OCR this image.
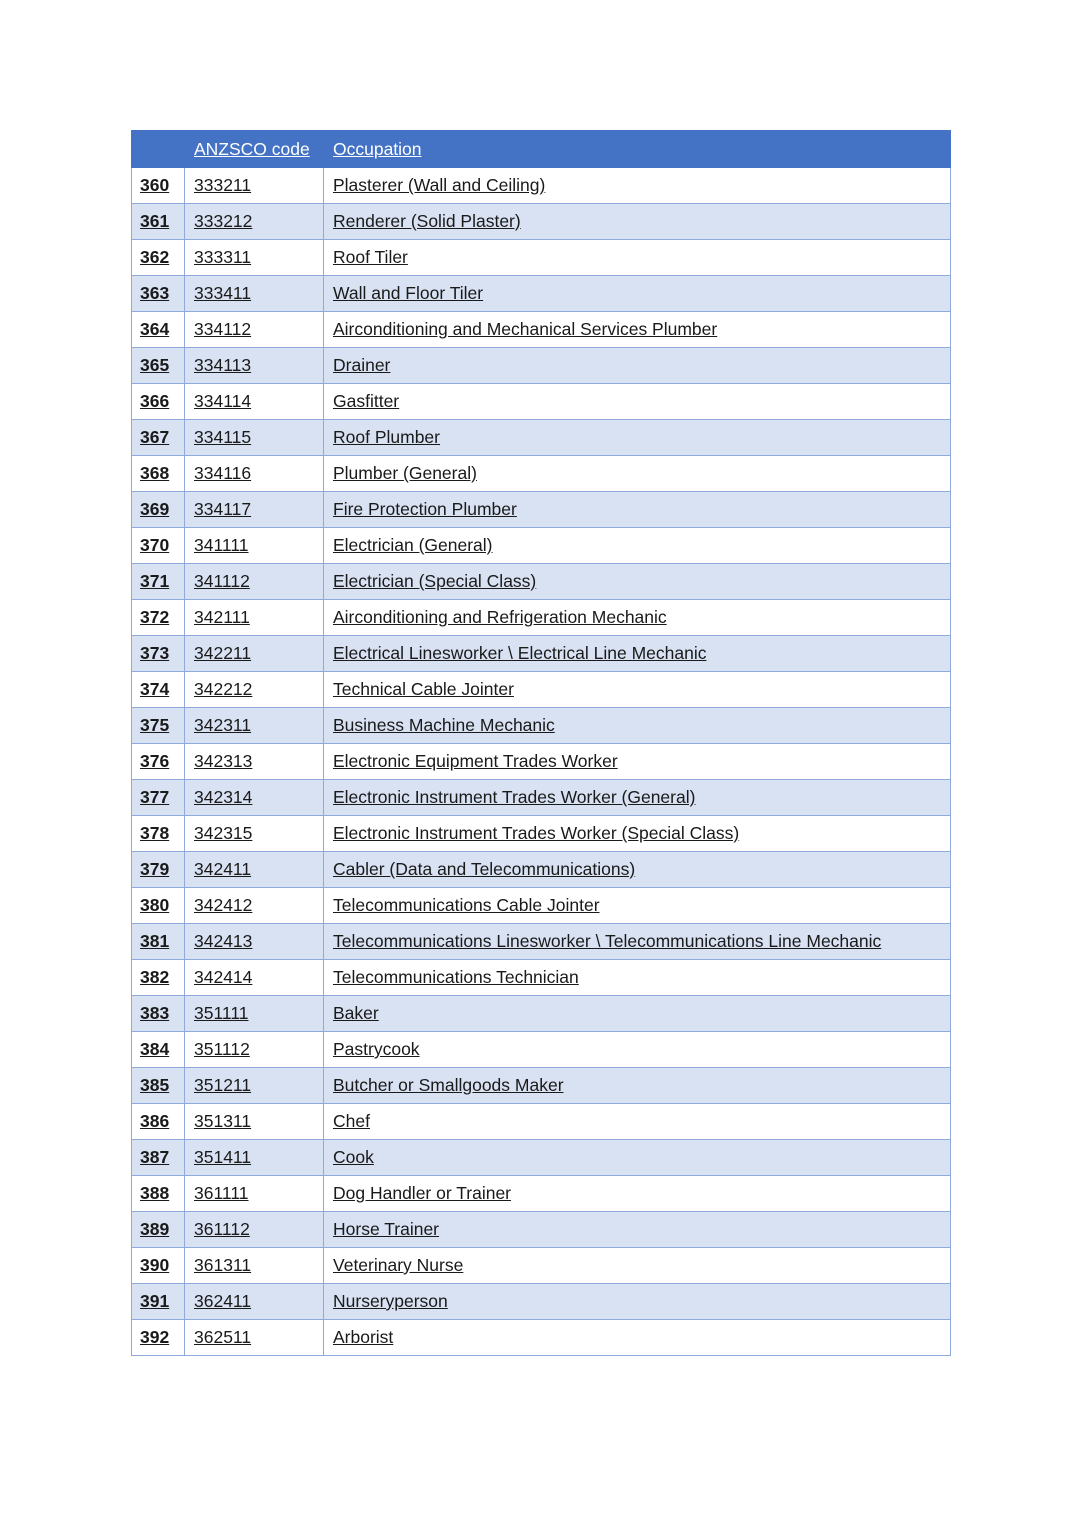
	ANZSCO code	Occupation
360	333211	Plasterer (Wall and Ceiling)
361	333212	Renderer (Solid Plaster)
362	333311	Roof Tiler
363	333411	Wall and Floor Tiler
364	334112	Airconditioning and Mechanical Services Plumber
365	334113	Drainer
366	334114	Gasfitter
367	334115	Roof Plumber
368	334116	Plumber (General)
369	334117	Fire Protection Plumber
370	341111	Electrician (General)
371	341112	Electrician (Special Class)
372	342111	Airconditioning and Refrigeration Mechanic
373	342211	Electrical Linesworker \ Electrical Line Mechanic
374	342212	Technical Cable Jointer
375	342311	Business Machine Mechanic
376	342313	Electronic Equipment Trades Worker
377	342314	Electronic Instrument Trades Worker (General)
378	342315	Electronic Instrument Trades Worker (Special Class)
379	342411	Cabler (Data and Telecommunications)
380	342412	Telecommunications Cable Jointer
381	342413	Telecommunications Linesworker \ Telecommunications Line Mechanic
382	342414	Telecommunications Technician
383	351111	Baker
384	351112	Pastrycook
385	351211	Butcher or Smallgoods Maker
386	351311	Chef
387	351411	Cook
388	361111	Dog Handler or Trainer
389	361112	Horse Trainer
390	361311	Veterinary Nurse
391	362411	Nurseryperson
392	362511	Arborist
